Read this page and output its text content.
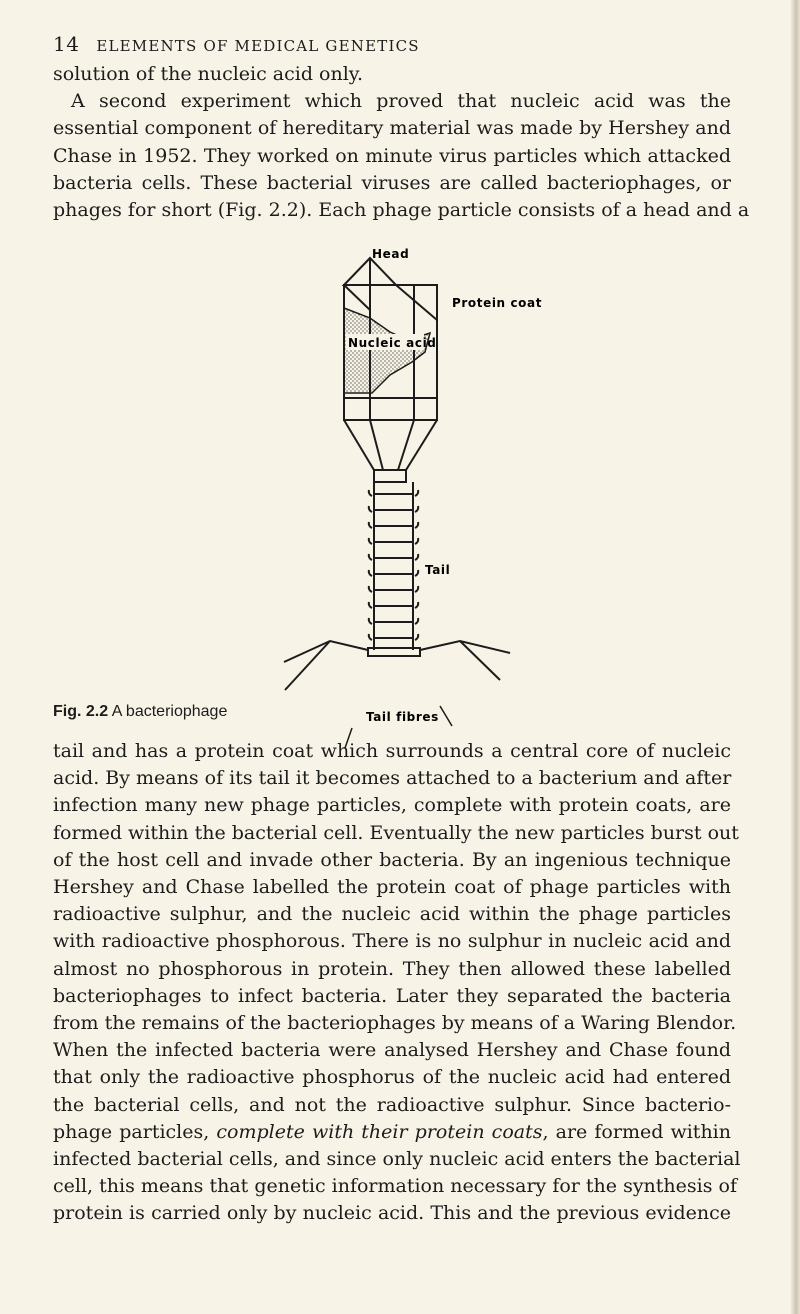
14 ELEMENTS OF MEDICAL GENETICS
solution of the nucleic acid only.
A second experiment which proved that nucleic acid was the
essential component of hereditary material was made by Hershey and
Chase in 1952. They worked on minute virus particles which attacked
bacteria cells. These bacterial viruses are called bacteriophages, or
phages for short (Fig. 2.2). Each phage particle consists of a head and a
Head
Protein coat
Nucleic acid
Tail
Tail fibres
Fig. 2.2 A bacteriophage
tail and has a protein coat which surrounds a central core of nucleic
acid. By means of its tail it becomes attached to a bacterium and after
infection many new phage particles, complete with protein coats, are
formed within the bacterial cell. Eventually the new particles burst out
of the host cell and invade other bacteria. By an ingenious technique
Hershey and Chase labelled the protein coat of phage particles with
radioactive sulphur, and the nucleic acid within the phage particles
with radioactive phosphorous. There is no sulphur in nucleic acid and
almost no phosphorous in protein. They then allowed these labelled
bacteriophages to infect bacteria. Later they separated the bacteria
from the remains of the bacteriophages by means of a Waring Blendor.
When the infected bacteria were analysed Hershey and Chase found
that only the radioactive phosphorus of the nucleic acid had entered
the bacterial cells, and not the radioactive sulphur. Since bacterio-
phage particles, complete with their protein coats, are formed within
infected bacterial cells, and since only nucleic acid enters the bacterial
cell, this means that genetic information necessary for the synthesis of
protein is carried only by nucleic acid. This and the previous evidence
